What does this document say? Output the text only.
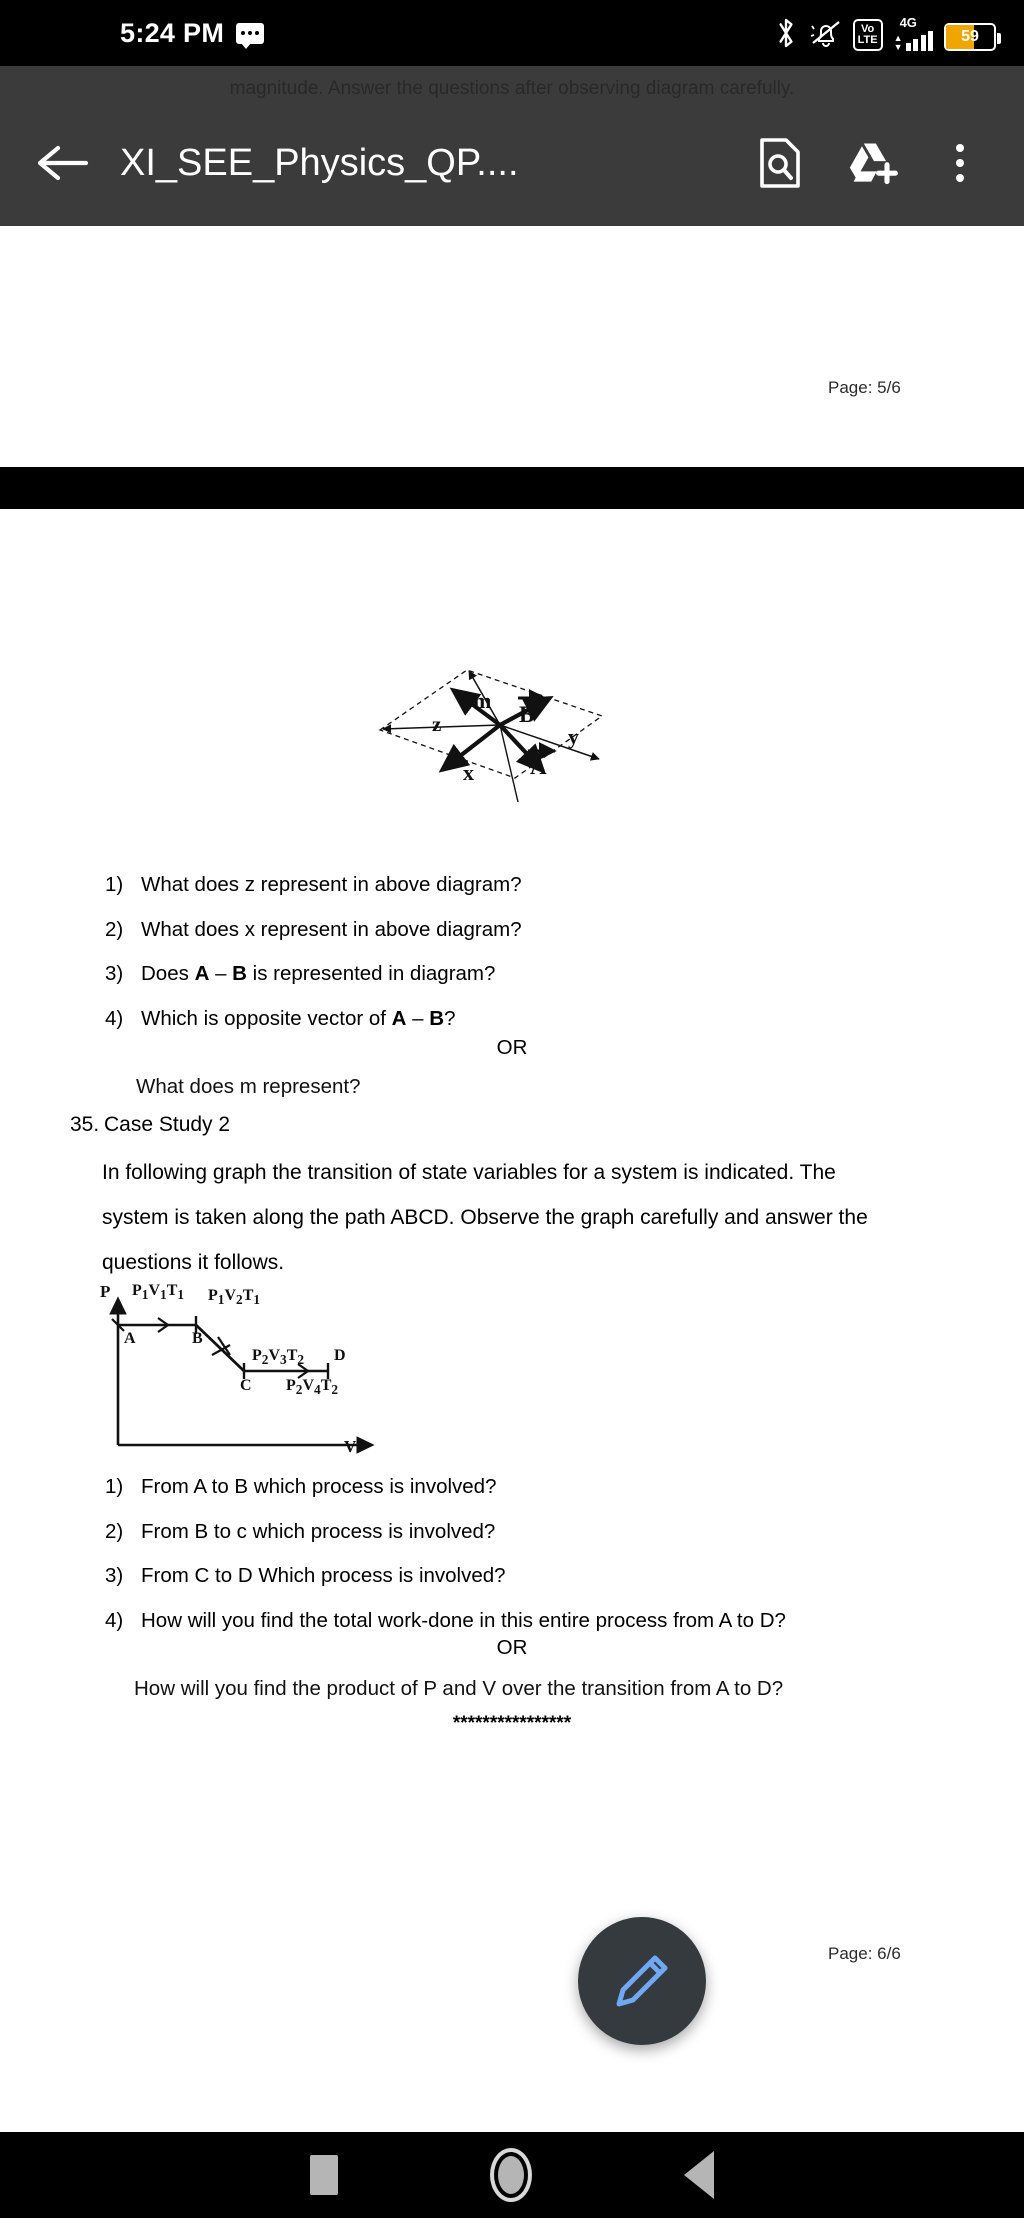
5:24 PM	Vo
LTE
4G
▲
▼
59
magnitude. Answer the questions after observing diagram carefully.
XI_SEE_Physics_QP....
Page: 5/6
m
B
A
x
y
z
1) What does z represent in above diagram?
2) What does x represent in above diagram?
3) Does A – B is represented in diagram?
4) Which is opposite vector of A – B?
OR
What does m represent?
35. Case Study 2
In following graph the transition of state variables for a system is indicated. The system is taken along the path ABCD. Observe the graph carefully and answer the questions it follows.
P
V
A	B
C
D
$P_1V_1T_1$ $P_1V_2T_1$
$P_2V_3T_2$
$P_2V_4T_2$
1) From A to B which process is involved?
2) From B to c which process is involved?
3) From C to D Which process is involved?
4) How will you find the total work-done in this entire process from A to D?
OR
How will you find the product of P and V over the transition from A to D?
****************
Page: 6/6
